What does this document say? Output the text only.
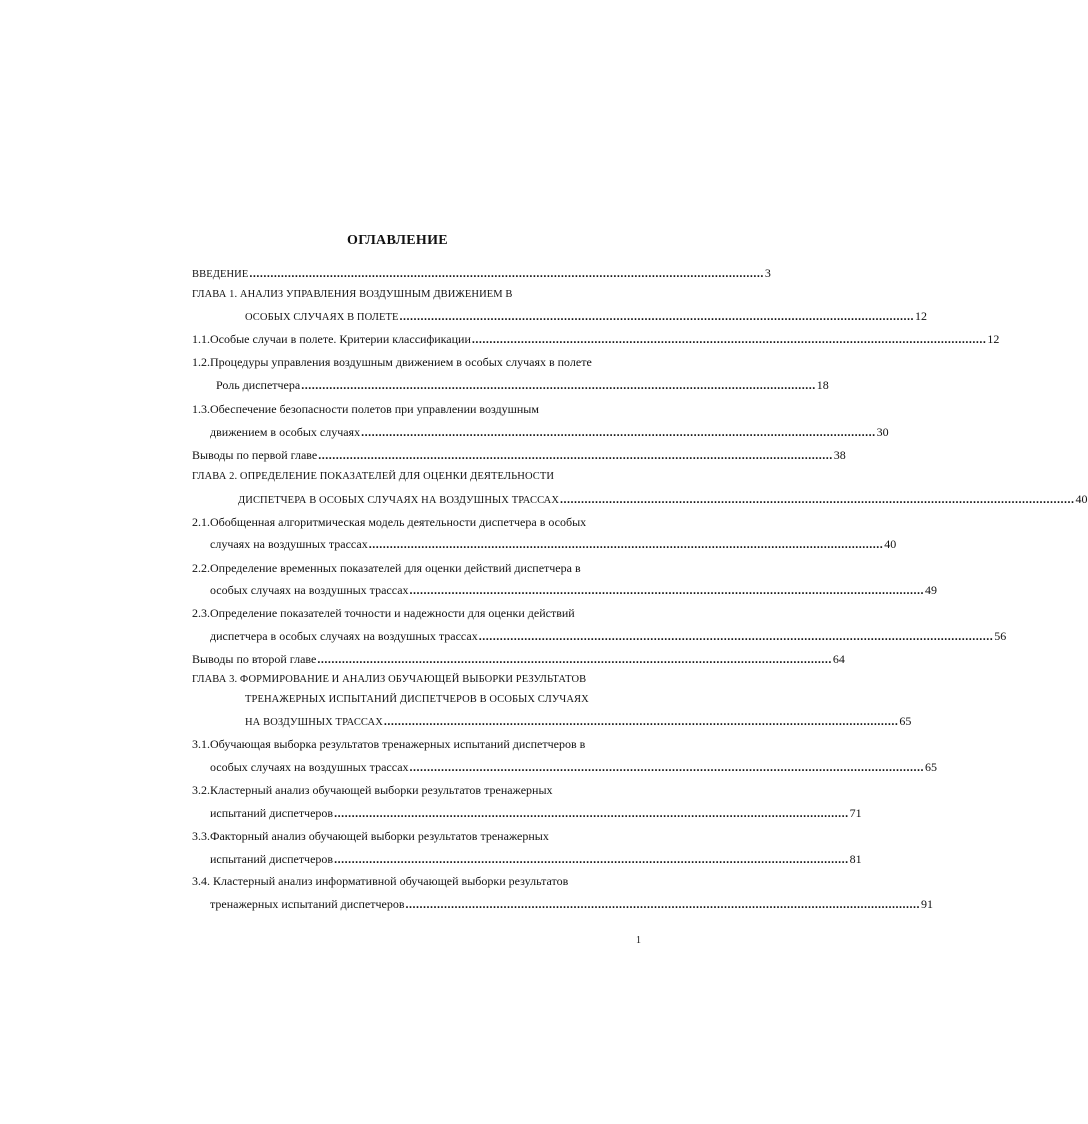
ОГЛАВЛЕНИЕ
ВВЕДЕНИЕ ................................................................................................................................................... 3
ГЛАВА 1. АНАЛИЗ УПРАВЛЕНИЯ ВОЗДУШНЫМ ДВИЖЕНИЕМ В
ОСОБЫХ СЛУЧАЯХ В ПОЛЕТЕ ................................................................................................................................................... 12
1.1.Особые случаи в полете. Критерии классификации ................................................................................................................................................... 12
1.2.Процедуры управления воздушным движением в особых случаях в полете
Роль диспетчера ................................................................................................................................................... 18
1.3.Обеспечение безопасности полетов при управлении воздушным
движением в особых случаях ................................................................................................................................................... 30
Выводы по первой главе ................................................................................................................................................... 38
ГЛАВА 2. ОПРЕДЕЛЕНИЕ ПОКАЗАТЕЛЕЙ ДЛЯ ОЦЕНКИ ДЕЯТЕЛЬНОСТИ
ДИСПЕТЧЕРА В ОСОБЫХ СЛУЧАЯХ НА ВОЗДУШНЫХ ТРАССАХ ................................................................................................................................................... 40
2.1.Обобщенная алгоритмическая модель деятельности диспетчера в особых
случаях на воздушных трассах ................................................................................................................................................... 40
2.2.Определение временных показателей для оценки действий диспетчера в
особых случаях на воздушных трассах ................................................................................................................................................... 49
2.3.Определение показателей точности и надежности для оценки действий
диспетчера в особых случаях на воздушных трассах ................................................................................................................................................... 56
Выводы по второй главе ................................................................................................................................................... 64
ГЛАВА 3. ФОРМИРОВАНИЕ И АНАЛИЗ ОБУЧАЮЩЕЙ ВЫБОРКИ РЕЗУЛЬТАТОВ
ТРЕНАЖЕРНЫХ ИСПЫТАНИЙ ДИСПЕТЧЕРОВ В ОСОБЫХ СЛУЧАЯХ
НА ВОЗДУШНЫХ ТРАССАХ ................................................................................................................................................... 65
3.1.Обучающая выборка результатов тренажерных испытаний диспетчеров в
особых случаях на воздушных трассах ................................................................................................................................................... 65
3.2.Кластерный анализ обучающей выборки результатов тренажерных
испытаний диспетчеров ................................................................................................................................................... 71
3.3.Факторный анализ обучающей выборки результатов тренажерных
испытаний диспетчеров ................................................................................................................................................... 81
3.4. Кластерный анализ информативной обучающей выборки результатов
тренажерных испытаний диспетчеров ................................................................................................................................................... 91
1
